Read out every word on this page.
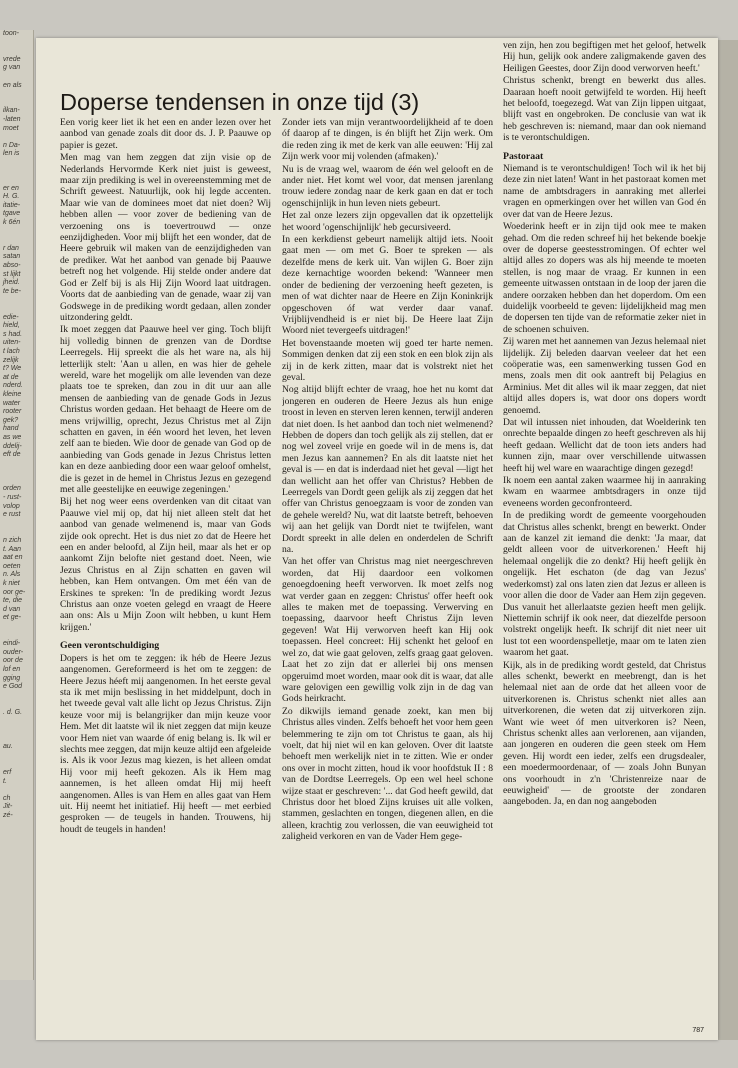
toon-

vrede
g van

en als

ilkan-
-laten
moet

n Da-
len is

er en
H. G.
itatie-
tgave
k 6én

r dan
satan
abso-
st lijkt
jheid.
te be-

edie-
hield,
s had.
uiten-
t lach
zelijk
t? We
at de
nderd.
kleine
water
rooter
gek?
hand
as we
ddelij-
eft de

orden
- rust-
volop
e rust

n zich
t. Aan
aat en
oeten
n. Als
k niet
oor ge-
te, die
d van
et ge-

eindi-
ouder-
oor de
lof en
gging
e God

. d. G.

au.

erf
t.

ch
Jit-
zé-
Doperse tendensen in onze tijd (3)

Een vorig keer liet ik het een en ander lezen over het aanbod van genade zoals dit door ds. J. P. Paauwe op papier is gezet.

Men mag van hem zeggen dat zijn visie op de Nederlands Hervormde Kerk niet juist is geweest, maar zijn prediking is wel in overeenstemming met de Schrift geweest. Natuurlijk, ook hij legde accenten. Maar wie van de dominees moet dat niet doen? Wij hebben allen — voor zover de bediening van de verzoening ons is toevertrouwd — onze eenzijdigheden. Voor mij blijft het een wonder, dat de Heere gebruik wil maken van de eenzijdigheden van de prediker. Wat het aanbod van genade bij Paauwe betreft nog het volgende. Hij stelde onder andere dat God er Zelf bij is als Hij Zijn Woord laat uitdragen. Voorts dat de aanbieding van de genade, waar zij van Godswege in de prediking wordt gedaan, allen zonder uitzondering geldt.

Ik moet zeggen dat Paauwe heel ver ging. Toch blijft hij volledig binnen de grenzen van de Dordtse Leerregels. Hij spreekt die als het ware na, als hij letterlijk stelt: 'Aan u allen, en was hier de gehele wereld, ware het mogelijk om alle levenden van deze plaats toe te spreken, dan zou in dit uur aan alle mensen de aanbieding van de genade Gods in Jezus Christus worden gedaan. Het behaagt de Heere om de mens vrijwillig, oprecht, Jezus Christus met al Zijn schatten en gaven, in één woord het leven, het leven zelf aan te bieden. Wie door de genade van God op de aanbieding van Gods genade in Jezus Christus letten kan en deze aanbieding door een waar geloof omhelst, die is gezet in de hemel in Christus Jezus en gezegend met alle geestelijke en eeuwige zegeningen.'

Bij het nog weer eens overdenken van dit citaat van Paauwe viel mij op, dat hij niet alleen stelt dat het aanbod van genade welmenend is, maar van Gods zijde ook oprecht. Het is dus niet zo dat de Heere het een en ander beloofd, al Zijn heil, maar als het er op aankomt Zijn belofte niet gestand doet. Neen, wie Jezus Christus en al Zijn schatten en gaven wil hebben, kan Hem ontvangen. Om met één van de Erskines te spreken: 'In de prediking wordt Jezus Christus aan onze voeten gelegd en vraagt de Heere aan ons: Als u Mijn Zoon wilt hebben, u kunt Hem krijgen.'

Geen verontschuldiging

Dopers is het om te zeggen: ik héb de Heere Jezus aangenomen. Gereformeerd is het om te zeggen: de Heere Jezus héeft mij aangenomen. In het eerste geval sta ik met mijn beslissing in het middelpunt, doch in het tweede geval valt alle licht op Jezus Christus. Zijn keuze voor mij is belangrijker dan mijn keuze voor Hem. Met dit laatste wil ik niet zeggen dat mijn keuze voor Hem niet van waarde óf enig belang is. Ik wil er slechts mee zeggen, dat mijn keuze altijd een afgeleide is. Als ik voor Jezus mag kiezen, is het alleen omdat Hij voor mij heeft gekozen. Als ik Hem mag aannemen, is het alleen omdat Hij mij heeft aangenomen. Alles is van Hem en alles gaat van Hem uit. Hij neemt het initiatief. Hij heeft — met eerbied gesproken — de teugels in handen. Trouwens, hij houdt de teugels in handen!

Zonder iets van mijn verantwoordelijkheid af te doen óf daarop af te dingen, is én blijft het Zijn werk. Om die reden zing ik met de kerk van alle eeuwen: 'Hij zal Zijn werk voor mij volenden (afmaken).'

Nu is de vraag wel, waarom de één wel gelooft en de ander niet. Het komt wel voor, dat mensen jarenlang trouw iedere zondag naar de kerk gaan en dat er toch ogenschijnlijk in hun leven niets gebeurt.

Het zal onze lezers zijn opgevallen dat ik opzettelijk het woord 'ogenschijnlijk' heb gecursiveerd.

In een kerkdienst gebeurt namelijk altijd iets. Nooit gaat men — om met G. Boer te spreken — als dezelfde mens de kerk uit. Van wijlen G. Boer zijn deze kernachtige woorden bekend: 'Wanneer men onder de bediening der verzoening heeft gezeten, is men of wat dichter naar de Heere en Zijn Koninkrijk opgeschoven óf wat verder daar vanaf. Vrijblijvendheid is er niet bij. De Heere laat Zijn Woord niet tevergeefs uitdragen!'

Het bovenstaande moeten wij goed ter harte nemen. Sommigen denken dat zij een stok en een blok zijn als zij in de kerk zitten, maar dat is volstrekt niet het geval.

Nog altijd blijft echter de vraag, hoe het nu komt dat jongeren en ouderen de Heere Jezus als hun enige troost in leven en sterven leren kennen, terwijl anderen dat niet doen. Is het aanbod dan toch niet welmenend? Hebben de dopers dan toch gelijk als zij stellen, dat er nog wel zoveel vrije en goede wil in de mens is, dat men Jezus kan aannemen? En als dit laatste niet het geval is — en dat is inderdaad niet het geval —ligt het dan wellicht aan het offer van Christus? Hebben de Leerregels van Dordt geen gelijk als zij zeggen dat het offer van Christus genoegzaam is voor de zonden van de gehele wereld? Nu, wat dit laatste betreft, behoeven wij aan het gelijk van Dordt niet te twijfelen, want Dordt spreekt in alle delen en onderdelen de Schrift na.

Van het offer van Christus mag niet neergeschreven worden, dat Hij daardoor een volkomen genoegdoening heeft verworven. Ik moet zelfs nog wat verder gaan en zeggen: Christus' offer heeft ook alles te maken met de toepassing. Verwerving en toepassing, daarvoor heeft Christus Zijn leven gegeven! Wat Hij verworven heeft kan Hij ook toepassen. Heel concreet: Hij schenkt het geloof en wel zo, dat wie gaat geloven, zelfs graag gaat geloven. Laat het zo zijn dat er allerlei bij ons mensen opgeruimd moet worden, maar ook dit is waar, dat alle ware gelovigen een gewillig volk zijn in de dag van Gods heirkracht.

Zo dikwijls iemand genade zoekt, kan men bij Christus alles vinden. Zelfs behoeft het voor hem geen belemmering te zijn om tot Christus te gaan, als hij voelt, dat hij niet wil en kan geloven. Over dit laatste behoeft men werkelijk niet in te zitten. Wie er onder ons over in mocht zitten, houd ik voor hoofdstuk II : 8 van de Dordtse Leerregels. Op een wel heel schone wijze staat er geschreven: '... dat God heeft gewild, dat Christus door het bloed Zijns kruises uit alle volken, stammen, geslachten en tongen, diegenen allen, en die alleen, krachtig zou verlossen, die van eeuwigheid tot zaligheid verkoren en van de Vader Hem gege-

ven zijn, hen zou begiftigen met het geloof, hetwelk Hij hun, gelijk ook andere zaligmakende gaven des Heiligen Geestes, door Zijn dood verworven heeft.'

Christus schenkt, brengt en bewerkt dus alles. Daaraan hoeft nooit getwijfeld te worden. Hij heeft het beloofd, toegezegd. Wat van Zijn lippen uitgaat, blijft vast en ongebroken. De conclusie van wat ik heb geschreven is: niemand, maar dan ook niemand is te verontschuldigen.

Pastoraat

Niemand is te verontschuldigen! Toch wil ik het bij deze zin niet laten! Want in het pastoraat komen met name de ambtsdragers in aanraking met allerlei vragen en opmerkingen over het willen van God én over dat van de Heere Jezus.

Woederink heeft er in zijn tijd ook mee te maken gehad. Om die reden schreef hij het bekende boekje over de doperse geestesstromingen. Of echter wel altijd alles zo dopers was als hij meende te moeten stellen, is nog maar de vraag. Er kunnen in een gemeente uitwassen ontstaan in de loop der jaren die andere oorzaken hebben dan het doperdom. Om een duidelijk voorbeeld te geven: lijdelijkheid mag men de dopersen ten tijde van de reformatie zeker niet in de schoenen schuiven.

Zij waren met het aannemen van Jezus helemaal niet lijdelijk. Zij beleden daarvan veeleer dat het een coöperatie was, een samenwerking tussen God en mens, zoals men dit ook aantreft bij Pelagius en Arminius. Met dit alles wil ik maar zeggen, dat niet altijd alles dopers is, wat door ons dopers wordt genoemd.

Dat wil intussen niet inhouden, dat Woelderink ten onrechte bepaalde dingen zo heeft geschreven als hij heeft gedaan. Wellicht dat de toon iets anders had kunnen zijn, maar over verschillende uitwassen heeft hij wel ware en waarachtige dingen gezegd!

Ik noem een aantal zaken waarmee hij in aanraking kwam en waarmee ambtsdragers in onze tijd eveneens worden geconfronteerd.

In de prediking wordt de gemeente voorgehouden dat Christus alles schenkt, brengt en bewerkt. Onder aan de kanzel zit iemand die denkt: 'Ja maar, dat geldt alleen voor de uitverkorenen.' Heeft hij helemaal ongelijk die zo denkt? Hij heeft gelijk èn ongelijk. Het eschaton (de dag van Jezus' wederkomst) zal ons laten zien dat Jezus er alleen is voor allen die door de Vader aan Hem zijn gegeven. Dus vanuit het allerlaatste gezien heeft men gelijk. Niettemin schrijf ik ook neer, dat diezelfde persoon volstrekt ongelijk heeft. Ik schrijf dit niet neer uit lust tot een woordenspelletje, maar om te laten zien waarom het gaat.

Kijk, als in de prediking wordt gesteld, dat Christus alles schenkt, bewerkt en meebrengt, dan is het helemaal niet aan de orde dat het alleen voor de uitverkorenen is. Christus schenkt niet alles aan uitverkorenen, die weten dat zij uitverkoren zijn. Want wie weet óf men uitverkoren is? Neen, Christus schenkt alles aan verlorenen, aan vijanden, aan jongeren en ouderen die geen steek om Hem geven. Hij wordt een ieder, zelfs een drugsdealer, een moedermoordenaar, of — zoals John Bunyan ons voorhoudt in z'n 'Christenreize naar de eeuwigheid' — de grootste der zondaren aangeboden. Ja, en dan nog aangeboden

787
